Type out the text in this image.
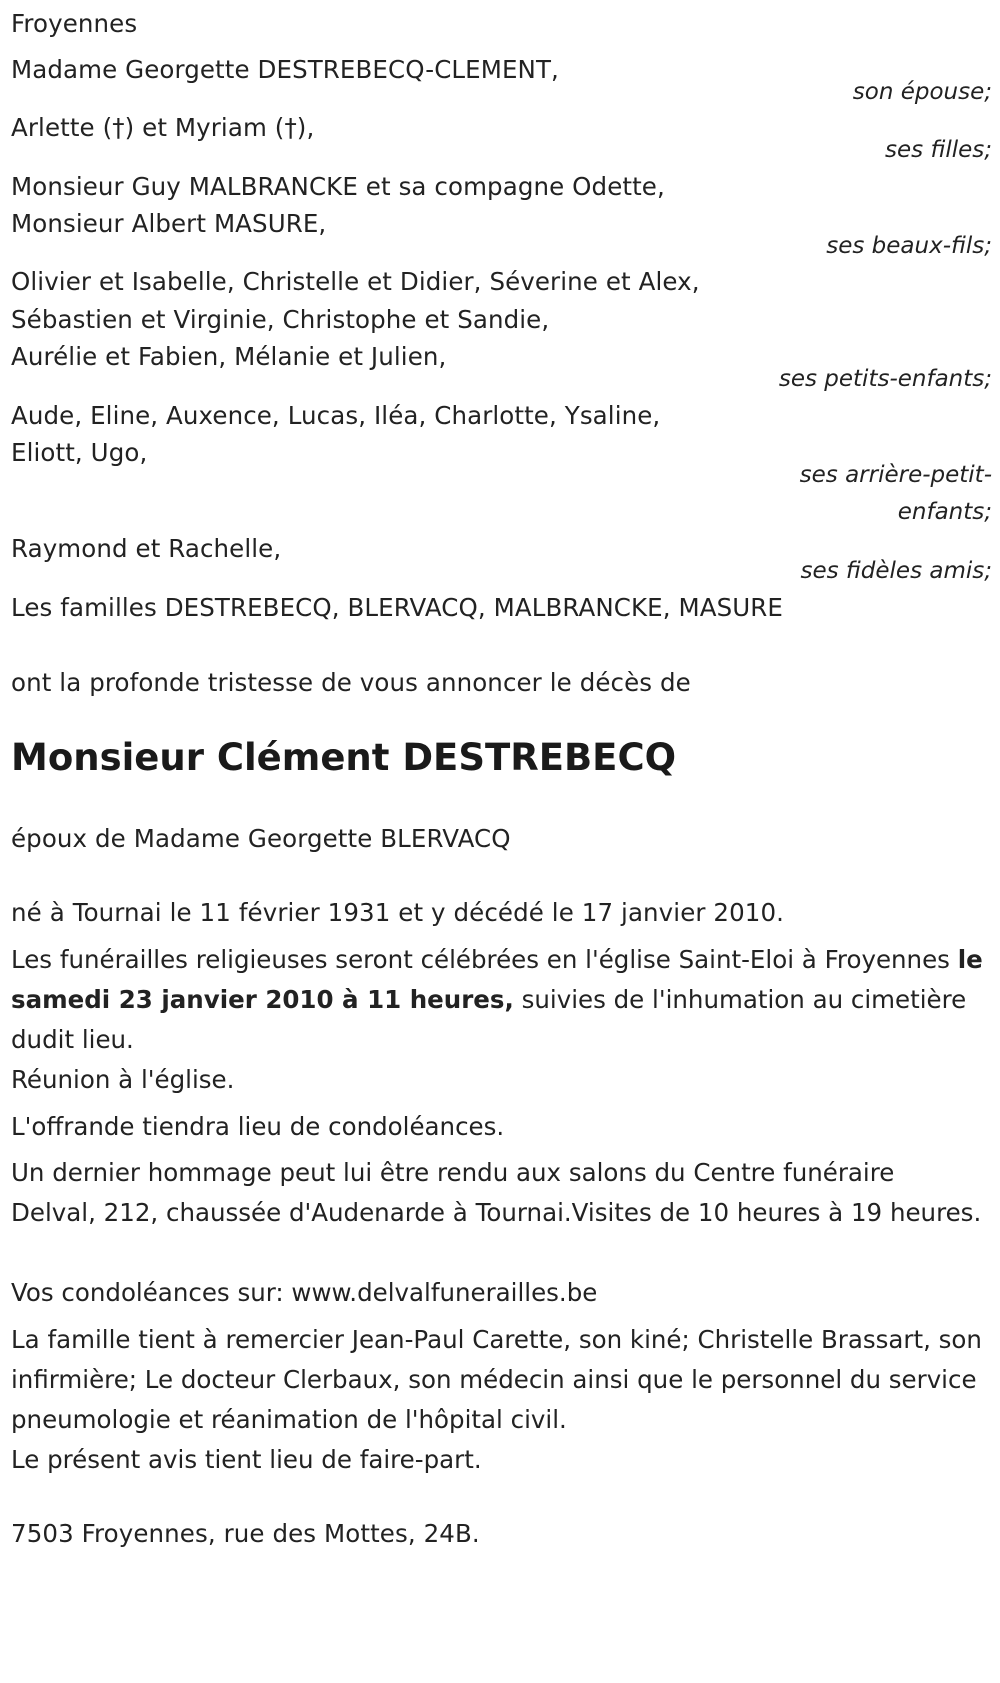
Froyennes
Madame Georgette DESTREBECQ-CLEMENT,
son épouse;
Arlette (†) et Myriam (†),
ses filles;
Monsieur Guy MALBRANCKE et sa compagne Odette,
Monsieur Albert MASURE,
ses beaux-fils;
Olivier et Isabelle, Christelle et Didier, Séverine et Alex,
Sébastien et Virginie, Christophe et Sandie,
Aurélie et Fabien, Mélanie et Julien,
ses petits-enfants;
Aude, Eline, Auxence, Lucas, Iléa, Charlotte, Ysaline,
Eliott, Ugo,
ses arrière-petit-
enfants;
Raymond et Rachelle,
ses fidèles amis;
Les familles DESTREBECQ, BLERVACQ, MALBRANCKE, MASURE
ont la profonde tristesse de vous annoncer le décès de
Monsieur Clément DESTREBECQ
époux de Madame Georgette BLERVACQ
né à Tournai le 11 février 1931 et y décédé le 17 janvier 2010.
Les funérailles religieuses seront célébrées en l'église Saint-Eloi à Froyennes le samedi 23 janvier 2010 à 11 heures, suivies de l'inhumation au cimetière dudit lieu.
Réunion à l'église.
L'offrande tiendra lieu de condoléances.
Un dernier hommage peut lui être rendu aux salons du Centre funéraire Delval, 212, chaussée d'Audenarde à Tournai.Visites de 10 heures à 19 heures.
Vos condoléances sur: www.delvalfunerailles.be
La famille tient à remercier Jean-Paul Carette, son kiné; Christelle Brassart, son infirmière; Le docteur Clerbaux, son médecin ainsi que le personnel du service pneumologie et réanimation de l'hôpital civil.
Le présent avis tient lieu de faire-part.
7503 Froyennes, rue des Mottes, 24B.
